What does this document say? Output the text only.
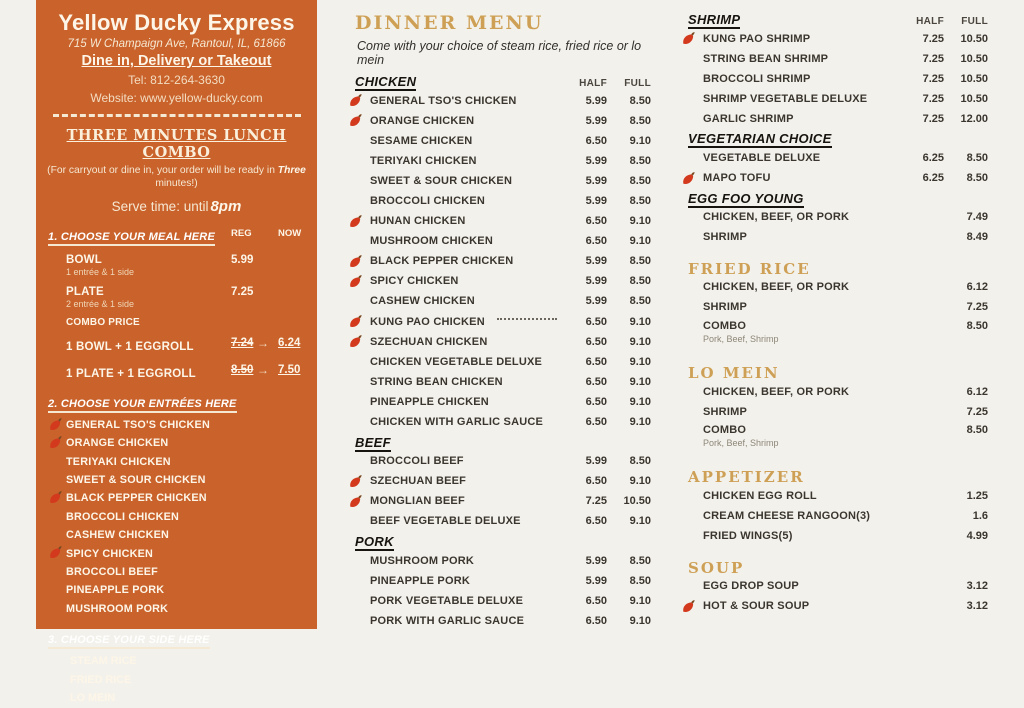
Yellow Ducky Express
715 W Champaign Ave, Rantoul, IL, 61866
Dine in, Delivery or Takeout
Tel: 812-264-3630
Website: www.yellow-ducky.com
THREE MINUTES LUNCH COMBO
(For carryout or dine in, your order will be ready in Three minutes!)
Serve time: until 8pm
1. CHOOSE YOUR MEAL HERE REG	NOW
BOWL
1 entrée & 1 side
5.99
PLATE
2 entrée & 1 side
7.25
COMBO PRICE
1 BOWL + 1 EGGROLL	7.24 → 6.24
1 PLATE + 1 EGGROLL	8.50 → 7.50
2. CHOOSE YOUR ENTRÉES HERE
GENERAL TSO'S CHICKEN
ORANGE CHICKEN
TERIYAKI CHICKEN
SWEET & SOUR CHICKEN
BLACK PEPPER CHICKEN
BROCCOLI CHICKEN
CASHEW CHICKEN
SPICY CHICKEN
BROCCOLI BEEF
PINEAPPLE PORK
MUSHROOM PORK
3. CHOOSE YOUR SIDE HERE
STEAM RICE
FRIED RICE
LO MEIN
DINNER MENU
Come with your choice of steam rice, fried rice or lo mein
CHICKEN	HALF	FULL
GENERAL TSO'S CHICKEN	5.99	8.50
ORANGE CHICKEN	5.99	8.50
SESAME CHICKEN	6.50	9.10
TERIYAKI CHICKEN	5.99	8.50
SWEET & SOUR CHICKEN	5.99	8.50
BROCCOLI CHICKEN	5.99	8.50
HUNAN CHICKEN	6.50	9.10
MUSHROOM CHICKEN	6.50	9.10
BLACK PEPPER CHICKEN	5.99	8.50
SPICY CHICKEN	5.99	8.50
CASHEW CHICKEN	5.99	8.50
KUNG PAO CHICKEN	6.50	9.10
SZECHUAN CHICKEN	6.50	9.10
CHICKEN VEGETABLE DELUXE	6.50	9.10
STRING BEAN CHICKEN	6.50	9.10
PINEAPPLE CHICKEN	6.50	9.10
CHICKEN WITH GARLIC SAUCE	6.50	9.10
BEEF
BROCCOLI BEEF	5.99	8.50
SZECHUAN BEEF	6.50	9.10
MONGLIAN BEEF	7.25	10.50
BEEF VEGETABLE DELUXE	6.50	9.10
PORK
MUSHROOM PORK	5.99	8.50
PINEAPPLE PORK	5.99	8.50
PORK VEGETABLE DELUXE	6.50	9.10
PORK WITH GARLIC SAUCE	6.50	9.10
SHRIMP	HALF	FULL
KUNG PAO SHRIMP	7.25	10.50
STRING BEAN SHRIMP	7.25	10.50
BROCCOLI SHRIMP	7.25	10.50
SHRIMP VEGETABLE DELUXE	7.25	10.50
GARLIC SHRIMP	7.25	12.00
VEGETARIAN CHOICE
VEGETABLE DELUXE	6.25	8.50
MAPO TOFU	6.25	8.50
EGG FOO YOUNG
CHICKEN, BEEF, OR PORK	7.49
SHRIMP	8.49
FRIED RICE
CHICKEN, BEEF, OR PORK	6.12
SHRIMP	7.25
COMBO
Pork, Beef, Shrimp
8.50
LO MEIN
CHICKEN, BEEF, OR PORK	6.12
SHRIMP	7.25
COMBO
Pork, Beef, Shrimp
8.50
APPETIZER
CHICKEN EGG ROLL	1.25
CREAM CHEESE RANGOON(3)	1.6
FRIED WINGS(5)	4.99
SOUP
EGG DROP SOUP	3.12
HOT & SOUR SOUP	3.12
